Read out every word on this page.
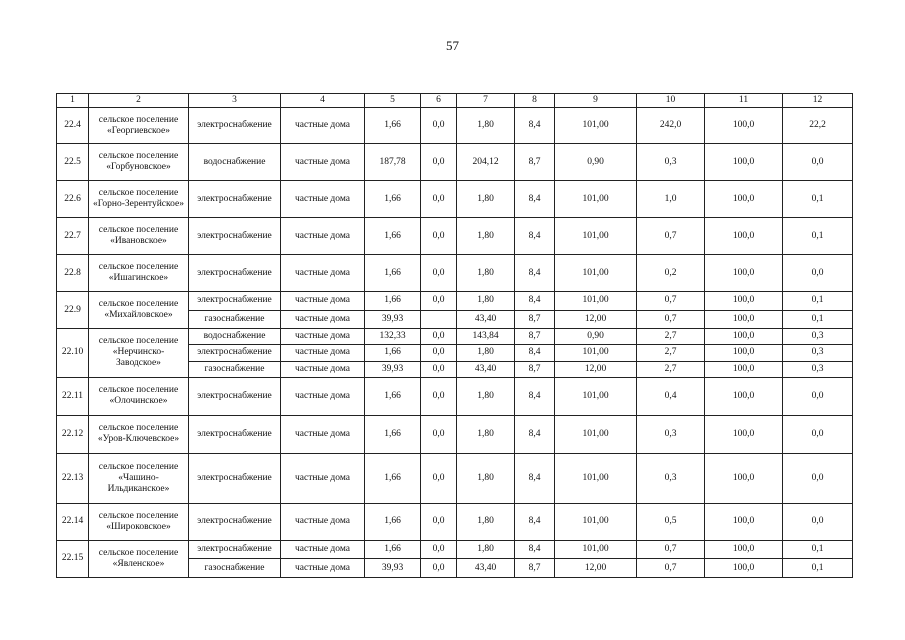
57
1	2	3	4	5	6	7	8	9	10	11	12
22.4	сельское поселение «Георгиевское»	электроснабжение	частные дома	1,66	0,0	1,80	8,4	101,00	242,0	100,0	22,2
22.5	сельское поселение «Горбуновское»	водоснабжение	частные дома	187,78	0,0	204,12	8,7	0,90	0,3	100,0	0,0
22.6	сельское поселение «Горно-Зерентуйское»	электроснабжение	частные дома	1,66	0,0	1,80	8,4	101,00	1,0	100,0	0,1
22.7	сельское поселение «Ивановское»	электроснабжение	частные дома	1,66	0,0	1,80	8,4	101,00	0,7	100,0	0,1
22.8	сельское поселение «Ишагинское»	электроснабжение	частные дома	1,66	0,0	1,80	8,4	101,00	0,2	100,0	0,0
22.9	сельское поселение «Михайловское»	электроснабжение	частные дома	1,66	0,0	1,80	8,4	101,00	0,7	100,0	0,1
		газоснабжение	частные дома	39,93		43,40	8,7	12,00	0,7	100,0	0,1
22.10	сельское поселение «Нерчинско-Заводское»	водоснабжение	частные дома	132,33	0,0	143,84	8,7	0,90	2,7	100,0	0,3
		электроснабжение	частные дома	1,66	0,0	1,80	8,4	101,00	2,7	100,0	0,3
		газоснабжение	частные дома	39,93	0,0	43,40	8,7	12,00	2,7	100,0	0,3
22.11	сельское поселение «Олочинское»	электроснабжение	частные дома	1,66	0,0	1,80	8,4	101,00	0,4	100,0	0,0
22.12	сельское поселение «Уров-Ключевское»	электроснабжение	частные дома	1,66	0,0	1,80	8,4	101,00	0,3	100,0	0,0
22.13	сельское поселение «Чашино-Ильдиканское»	электроснабжение	частные дома	1,66	0,0	1,80	8,4	101,00	0,3	100,0	0,0
22.14	сельское поселение «Широковское»	электроснабжение	частные дома	1,66	0,0	1,80	8,4	101,00	0,5	100,0	0,0
22.15	сельское поселение «Явленское»	электроснабжение	частные дома	1,66	0,0	1,80	8,4	101,00	0,7	100,0	0,1
		газоснабжение	частные дома	39,93	0,0	43,40	8,7	12,00	0,7	100,0	0,1
